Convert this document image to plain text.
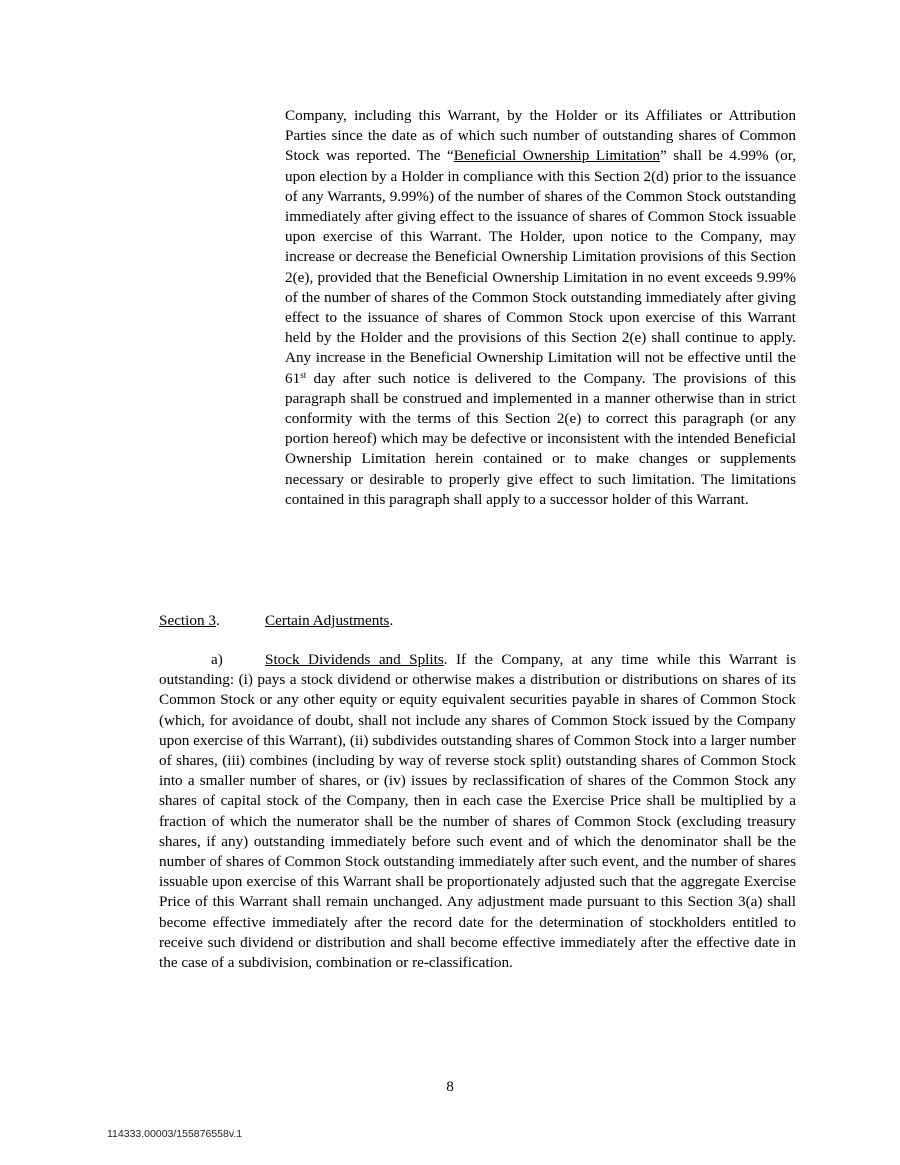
Company, including this Warrant, by the Holder or its Affiliates or Attribution Parties since the date as of which such number of outstanding shares of Common Stock was reported. The “Beneficial Ownership Limitation” shall be 4.99% (or, upon election by a Holder in compliance with this Section 2(d) prior to the issuance of any Warrants, 9.99%) of the number of shares of the Common Stock outstanding immediately after giving effect to the issuance of shares of Common Stock issuable upon exercise of this Warrant. The Holder, upon notice to the Company, may increase or decrease the Beneficial Ownership Limitation provisions of this Section 2(e), provided that the Beneficial Ownership Limitation in no event exceeds 9.99% of the number of shares of the Common Stock outstanding immediately after giving effect to the issuance of shares of Common Stock upon exercise of this Warrant held by the Holder and the provisions of this Section 2(e) shall continue to apply. Any increase in the Beneficial Ownership Limitation will not be effective until the 61st day after such notice is delivered to the Company. The provisions of this paragraph shall be construed and implemented in a manner otherwise than in strict conformity with the terms of this Section 2(e) to correct this paragraph (or any portion hereof) which may be defective or inconsistent with the intended Beneficial Ownership Limitation herein contained or to make changes or supplements necessary or desirable to properly give effect to such limitation. The limitations contained in this paragraph shall apply to a successor holder of this Warrant.

Section 3.	Certain Adjustments.

a)	Stock Dividends and Splits. If the Company, at any time while this Warrant is outstanding: (i) pays a stock dividend or otherwise makes a distribution or distributions on shares of its Common Stock or any other equity or equity equivalent securities payable in shares of Common Stock (which, for avoidance of doubt, shall not include any shares of Common Stock issued by the Company upon exercise of this Warrant), (ii) subdivides outstanding shares of Common Stock into a larger number of shares, (iii) combines (including by way of reverse stock split) outstanding shares of Common Stock into a smaller number of shares, or (iv) issues by reclassification of shares of the Common Stock any shares of capital stock of the Company, then in each case the Exercise Price shall be multiplied by a fraction of which the numerator shall be the number of shares of Common Stock (excluding treasury shares, if any) outstanding immediately before such event and of which the denominator shall be the number of shares of Common Stock outstanding immediately after such event, and the number of shares issuable upon exercise of this Warrant shall be proportionately adjusted such that the aggregate Exercise Price of this Warrant shall remain unchanged. Any adjustment made pursuant to this Section 3(a) shall become effective immediately after the record date for the determination of stockholders entitled to receive such dividend or distribution and shall become effective immediately after the effective date in the case of a subdivision, combination or re-classification.

8
114333.00003/155876558v.1
